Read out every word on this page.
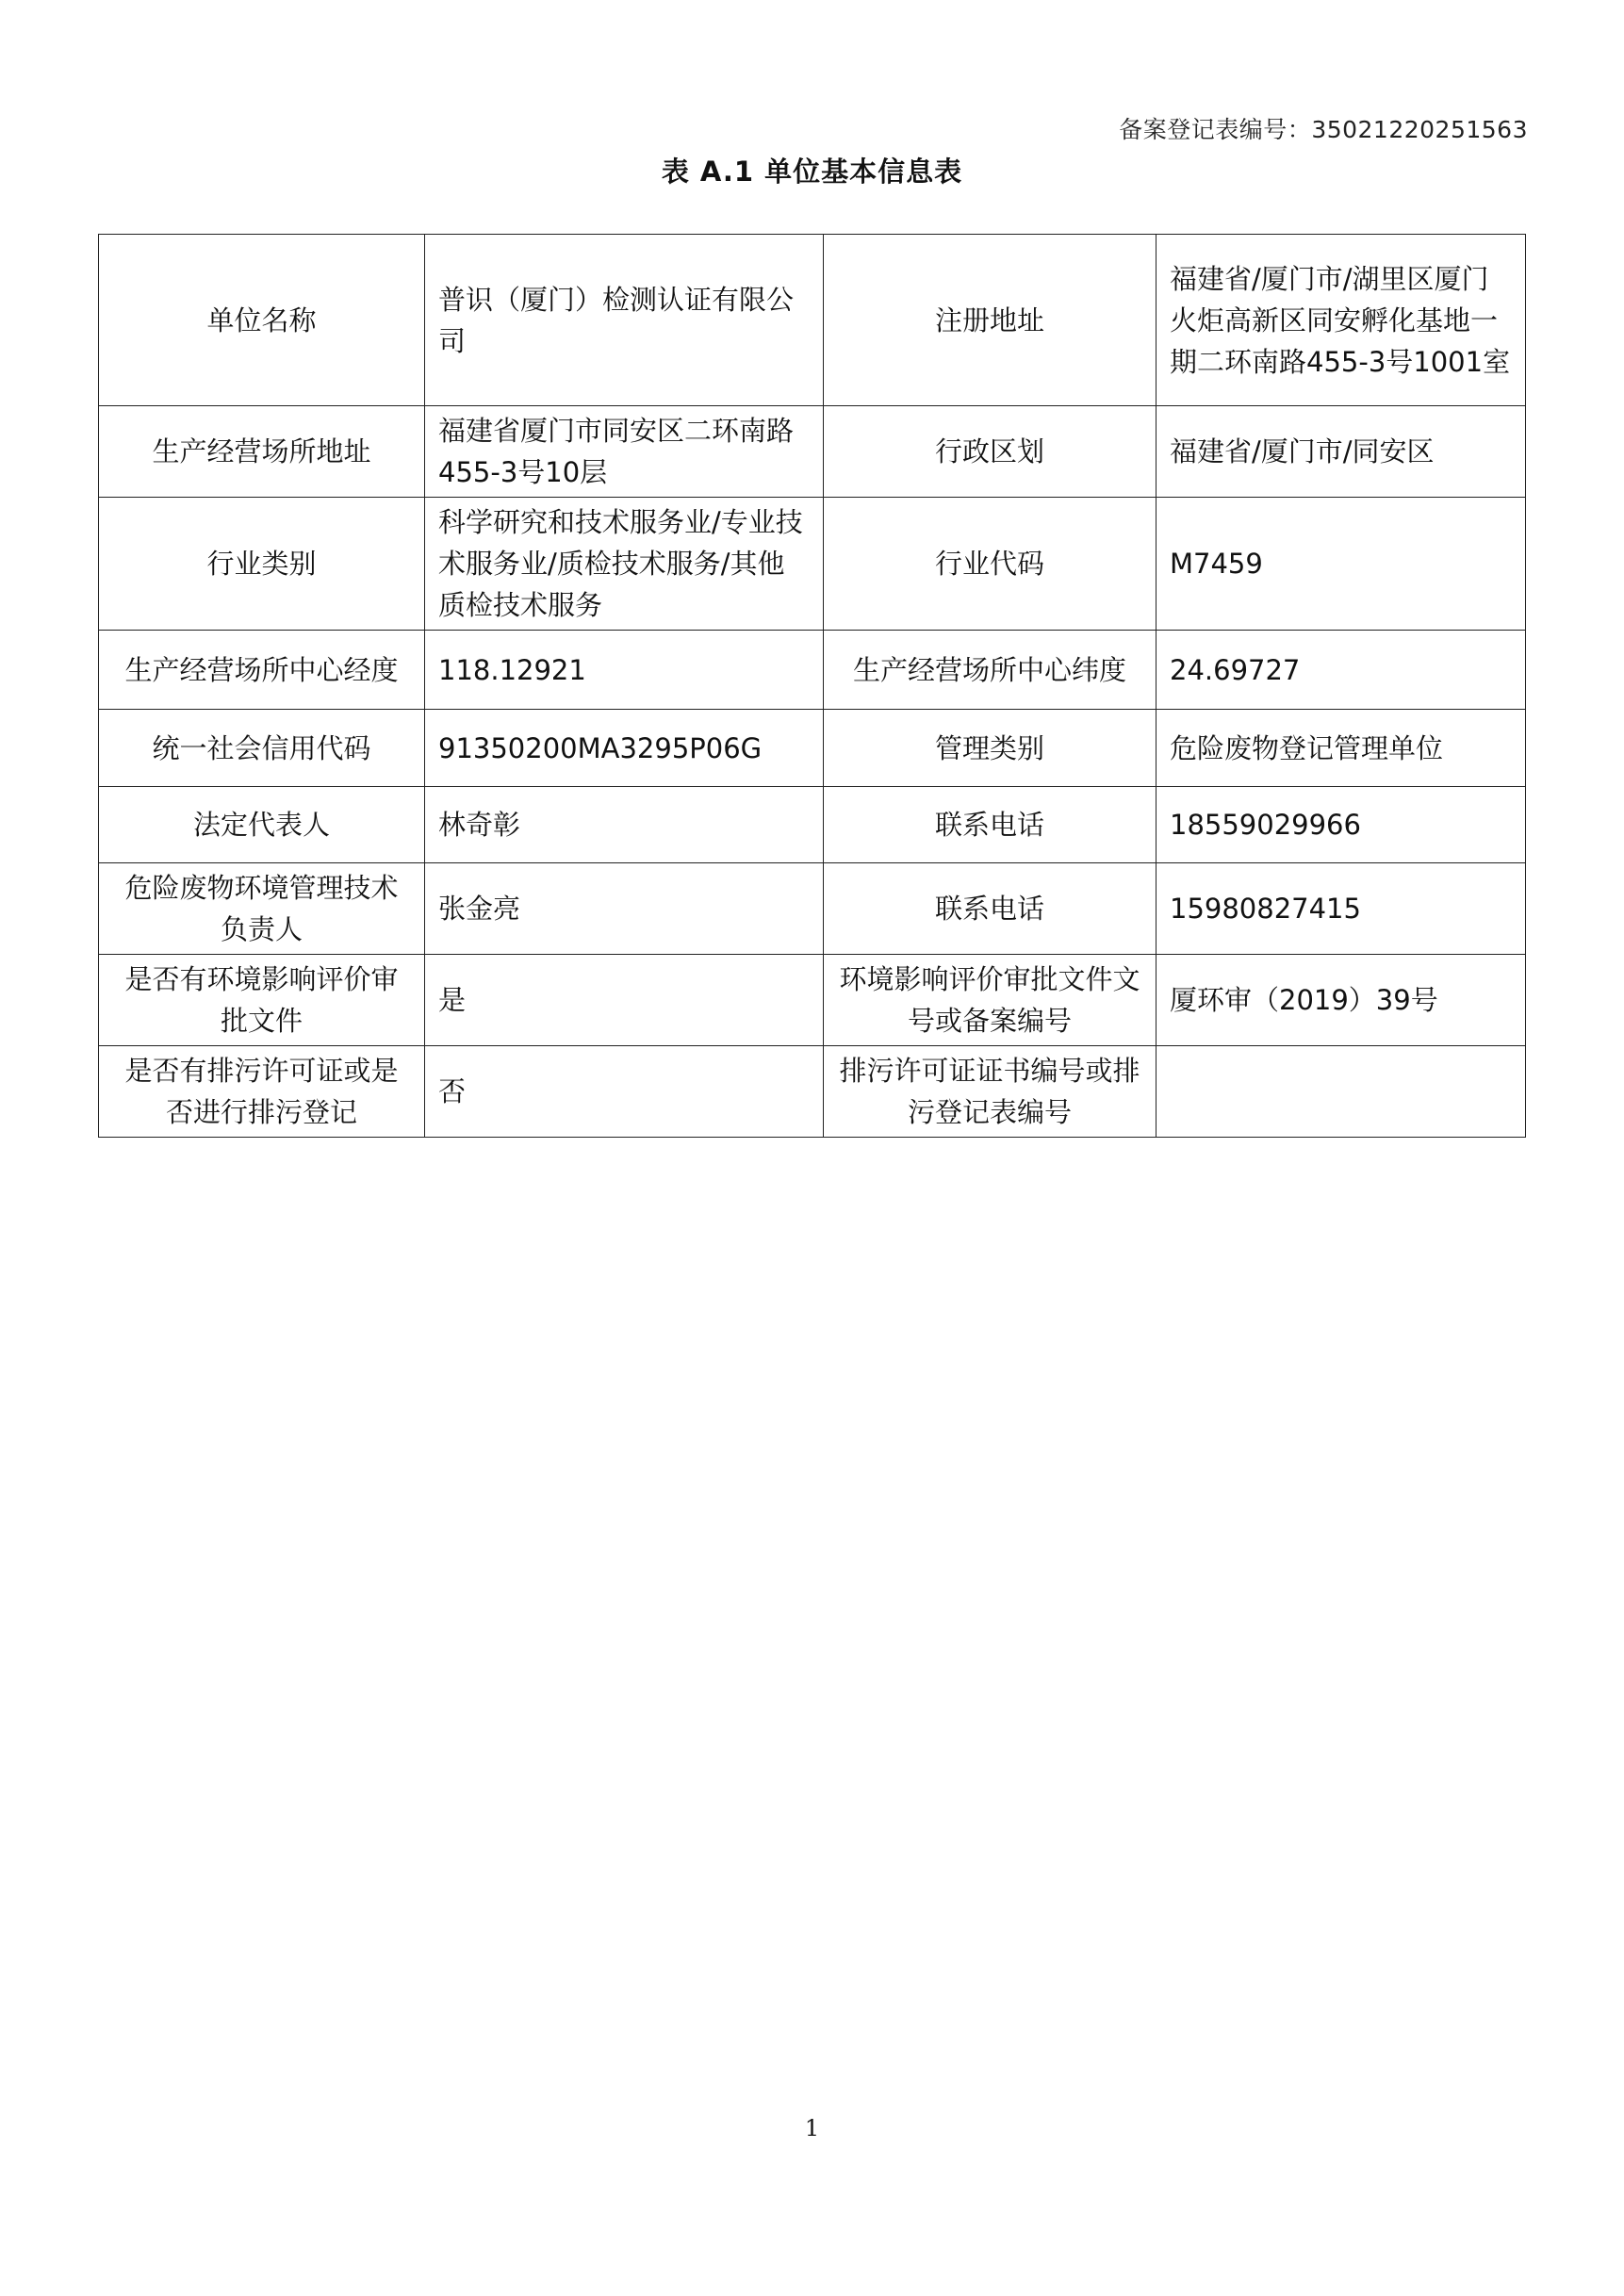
备案登记表编号：35021220251563
表 A.1 单位基本信息表
单位名称	普识（厦门）检测认证有限公司	注册地址	福建省/厦门市/湖里区厦门火炬高新区同安孵化基地一期二环南路455-3号1001室
生产经营场所地址	福建省厦门市同安区二环南路455-3号10层	行政区划	福建省/厦门市/同安区
行业类别	科学研究和技术服务业/专业技术服务业/质检技术服务/其他质检技术服务	行业代码	M7459
生产经营场所中心经度	118.12921	生产经营场所中心纬度	24.69727
统一社会信用代码	91350200MA3295P06G	管理类别	危险废物登记管理单位
法定代表人	林奇彰	联系电话	18559029966
危险废物环境管理技术负责人	张金亮	联系电话	15980827415
是否有环境影响评价审批文件	是	环境影响评价审批文件文号或备案编号	厦环审（2019）39号
是否有排污许可证或是否进行排污登记	否	排污许可证证书编号或排污登记表编号	
1
